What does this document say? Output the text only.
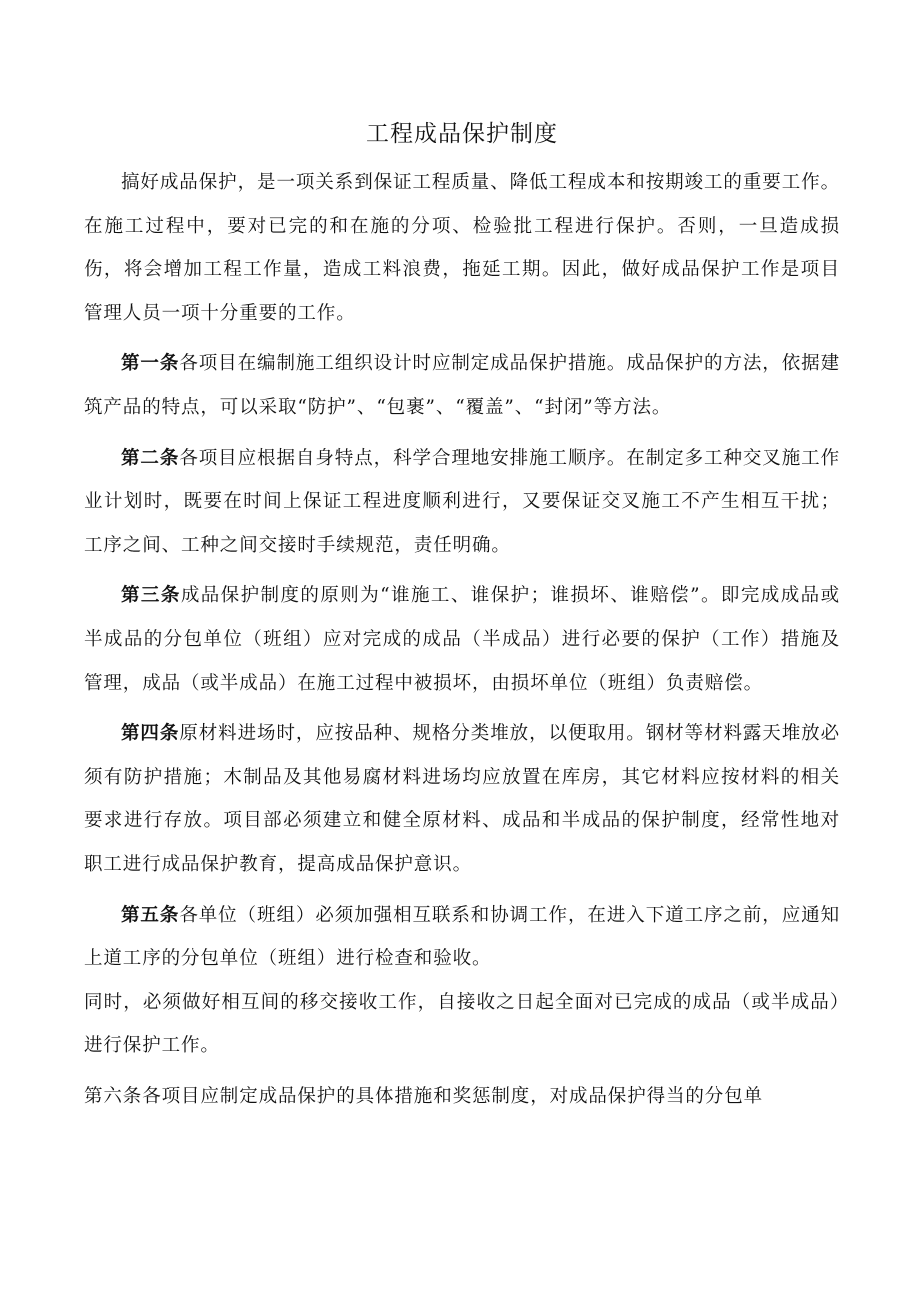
工程成品保护制度

搞好成品保护，是一项关系到保证工程质量、降低工程成本和按期竣工的重要工作。在施工过程中，要对已完的和在施的分项、检验批工程进行保护。否则，一旦造成损伤，将会增加工程工作量，造成工料浪费，拖延工期。因此，做好成品保护工作是项目管理人员一项十分重要的工作。

第一条各项目在编制施工组织设计时应制定成品保护措施。成品保护的方法，依据建筑产品的特点，可以采取“防护”、“包裹”、“覆盖”、“封闭”等方法。

第二条各项目应根据自身特点，科学合理地安排施工顺序。在制定多工种交叉施工作业计划时，既要在时间上保证工程进度顺利进行，又要保证交叉施工不产生相互干扰；工序之间、工种之间交接时手续规范，责任明确。

第三条成品保护制度的原则为“谁施工、谁保护；谁损坏、谁赔偿”。即完成成品或半成品的分包单位（班组）应对完成的成品（半成品）进行必要的保护（工作）措施及管理，成品（或半成品）在施工过程中被损坏，由损坏单位（班组）负责赔偿。

第四条原材料进场时，应按品种、规格分类堆放，以便取用。钢材等材料露天堆放必须有防护措施；木制品及其他易腐材料进场均应放置在库房，其它材料应按材料的相关要求进行存放。项目部必须建立和健全原材料、成品和半成品的保护制度，经常性地对职工进行成品保护教育，提高成品保护意识。

第五条各单位（班组）必须加强相互联系和协调工作，在进入下道工序之前，应通知上道工序的分包单位（班组）进行检查和验收。

同时，必须做好相互间的移交接收工作，自接收之日起全面对已完成的成品（或半成品）进行保护工作。

第六条各项目应制定成品保护的具体措施和奖惩制度，对成品保护得当的分包单
